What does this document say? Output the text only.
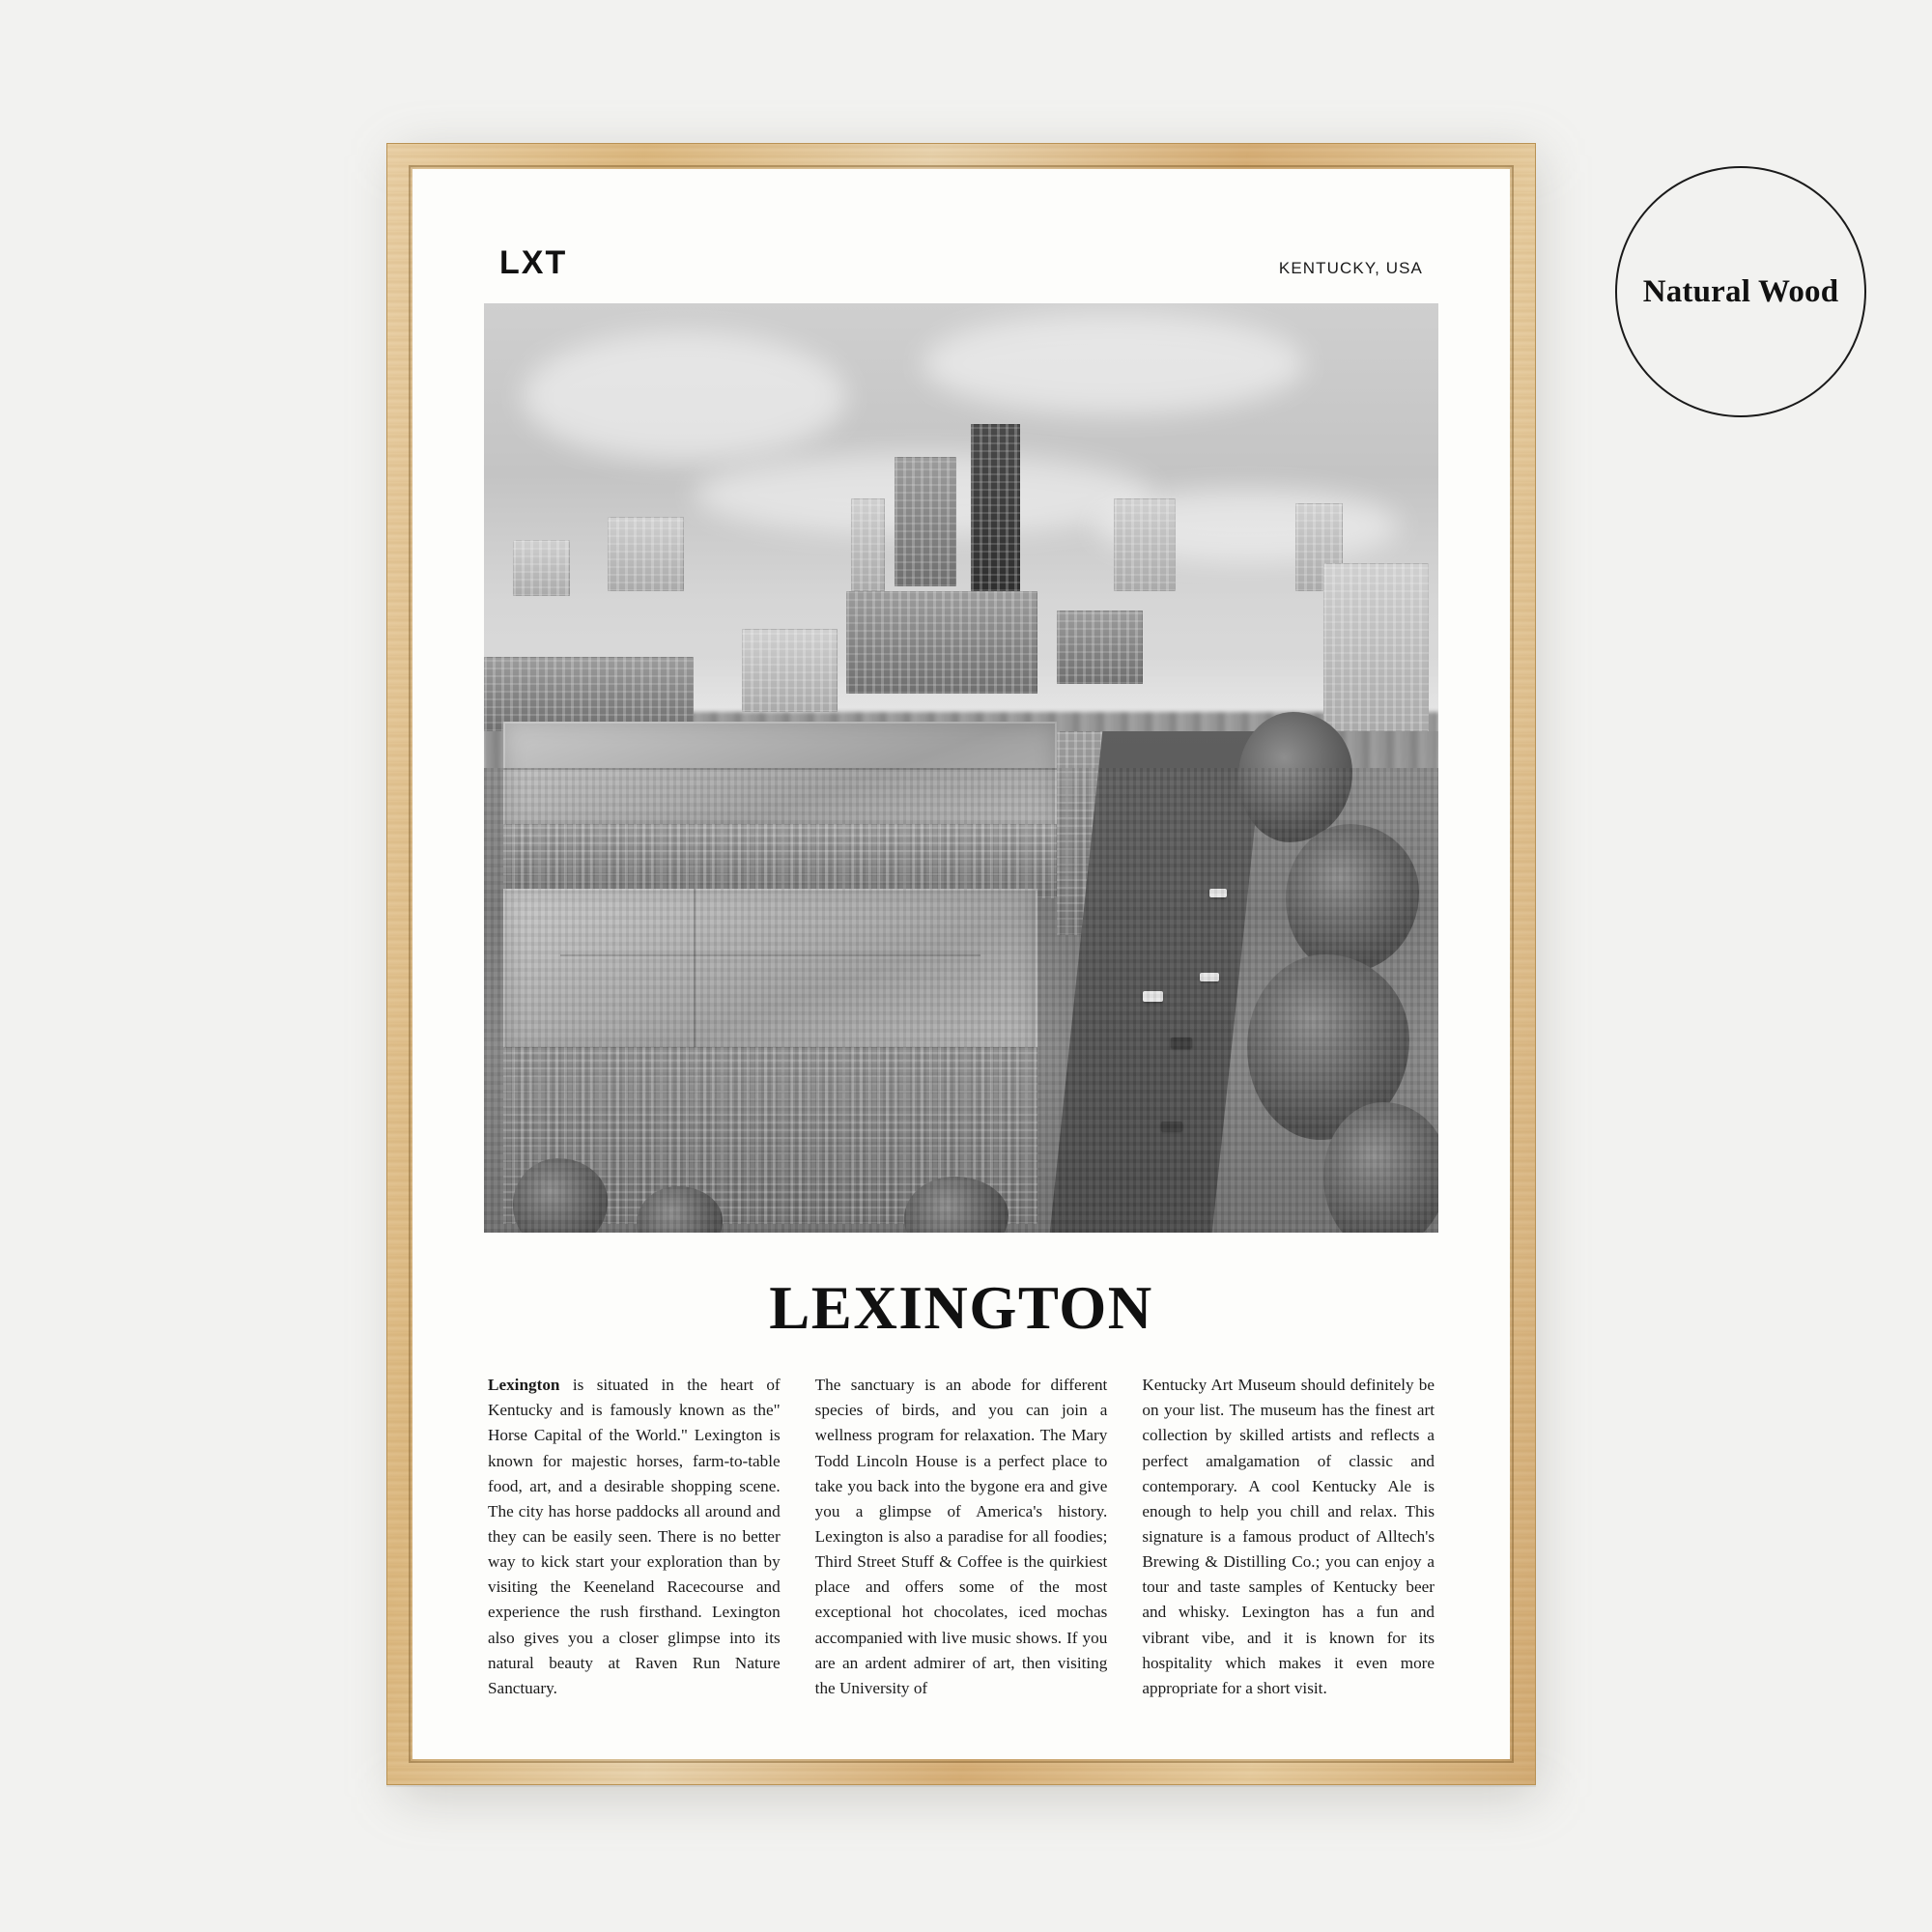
Natural Wood
LXT	KENTUCKY, USA
LEXINGTON
Lexington is situated in the heart of Kentucky and is famously known as the" Horse Capital of the World." Lexington is known for majestic horses, farm-to-table food, art, and a desirable shopping scene. The city has horse paddocks all around and they can be easily seen. There is no better way to kick start your exploration than by visiting the Keeneland Racecourse and experience the rush firsthand. Lexington also gives you a closer glimpse into its natural beauty at Raven Run Nature Sanctuary.
The sanctuary is an abode for different species of birds, and you can join a wellness program for relaxation. The Mary Todd Lincoln House is a perfect place to take you back into the bygone era and give you a glimpse of America's history. Lexington is also a paradise for all foodies; Third Street Stuff & Coffee is the quirkiest place and offers some of the most exceptional hot chocolates, iced mochas accompanied with live music shows. If you are an ardent admirer of art, then visiting the University of
Kentucky Art Museum should definitely be on your list. The museum has the finest art collection by skilled artists and reflects a perfect amalgamation of classic and contemporary. A cool Kentucky Ale is enough to help you chill and relax. This signature is a famous product of Alltech's Brewing & Distilling Co.; you can enjoy a tour and taste samples of Kentucky beer and whisky. Lexington has a fun and vibrant vibe, and it is known for its hospitality which makes it even more appropriate for a short visit.
